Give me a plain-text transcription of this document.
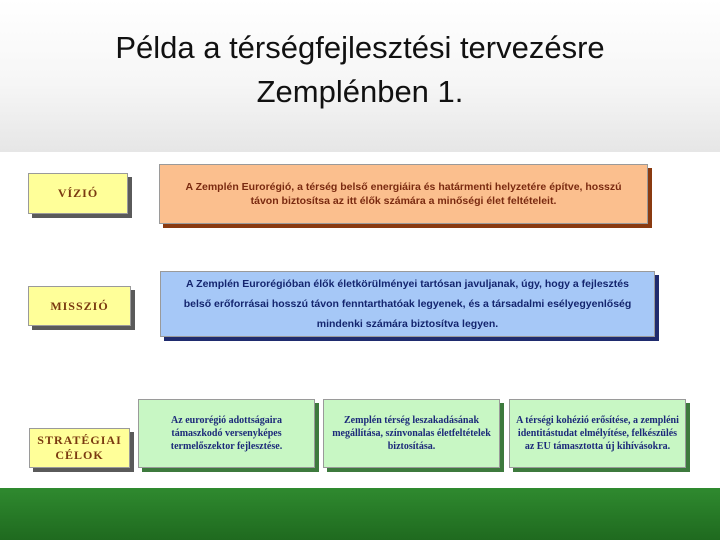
Példa a térségfejlesztési tervezésre
Zemplénben 1.
VÍZIÓ	A Zemplén Eurorégió, a térség belső energiáira és határmenti helyzetére építve, hosszú távon biztosítsa az itt élők számára a minőségi élet feltételeit.
MISSZIÓ
A Zemplén Eurorégióban élők életkörülményei tartósan javuljanak, úgy, hogy a fejlesztés belső erőforrásai hosszú távon fenntarthatóak legyenek, és a társadalmi esélyegyenlőség mindenki számára biztosítva legyen.
STRATÉGIAI
CÉLOK
Az eurorégió adottságaira támaszkodó versenyképes termelőszektor fejlesztése.
Zemplén térség leszakadásának megállítása, színvonalas életfeltételek biztosítása.
A térségi kohézió erősítése, a zempléni identitástudat elmélyítése, felkészülés az EU támasztotta új kihívásokra.
